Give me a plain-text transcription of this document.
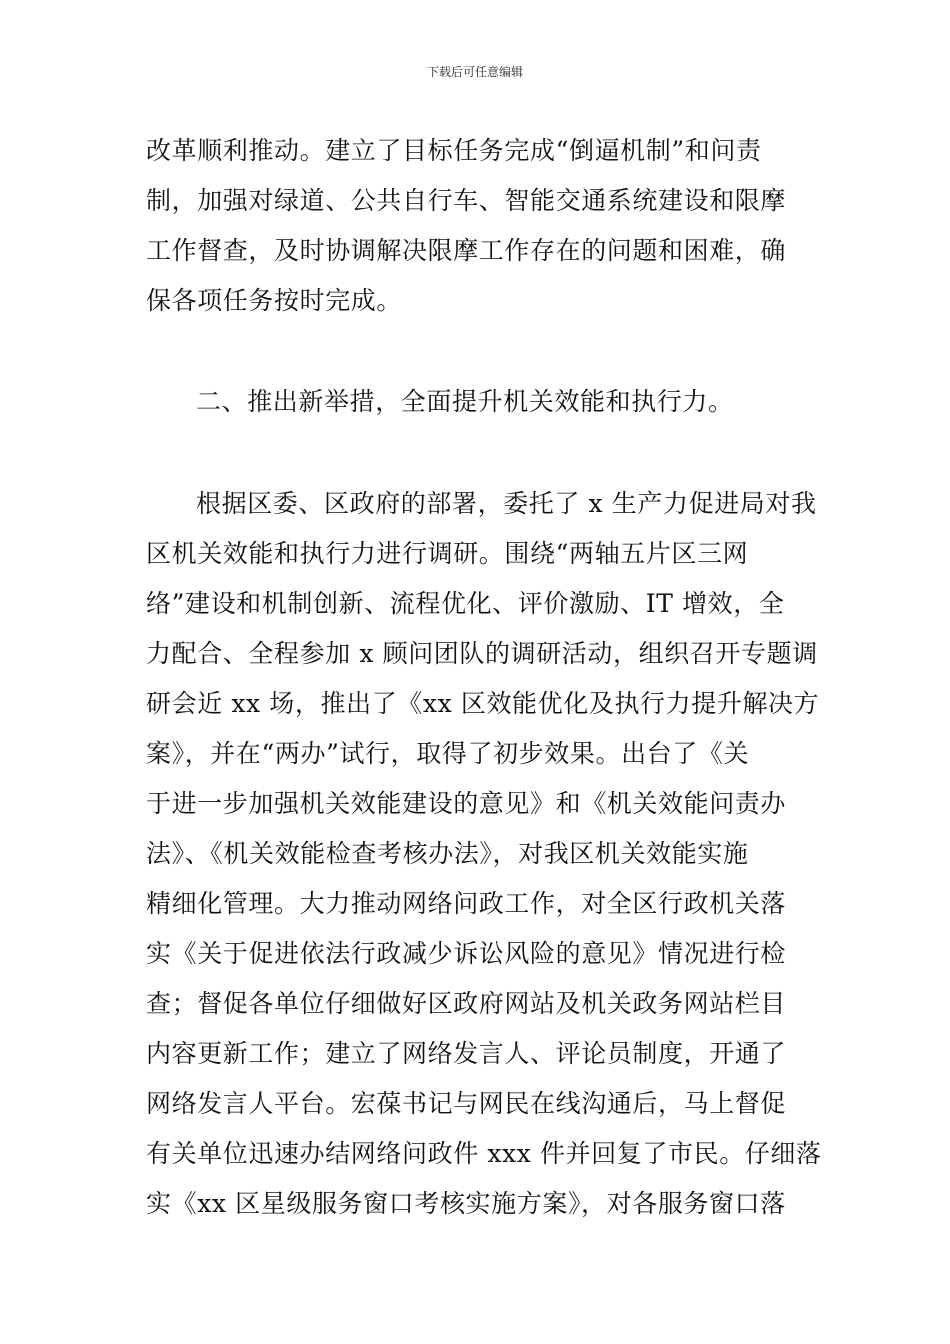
下载后可任意编辑
改革顺利推动。建立了目标任务完成“倒逼机制”和问责
制，加强对绿道、公共自行车、智能交通系统建设和限摩
工作督查，及时协调解决限摩工作存在的问题和困难，确
保各项任务按时完成。
二、推出新举措，全面提升机关效能和执行力。
根据区委、区政府的部署，委托了 x 生产力促进局对我
区机关效能和执行力进行调研。围绕“两轴五片区三网
络”建设和机制创新、流程优化、评价激励、IT 增效，全
力配合、全程参加 x 顾问团队的调研活动，组织召开专题调
研会近 xx 场，推出了《xx 区效能优化及执行力提升解决方
案》，并在“两办”试行，取得了初步效果。出台了《关
于进一步加强机关效能建设的意见》和《机关效能问责办
法》、《机关效能检查考核办法》，对我区机关效能实施
精细化管理。大力推动网络问政工作，对全区行政机关落
实《关于促进依法行政减少诉讼风险的意见》情况进行检
查；督促各单位仔细做好区政府网站及机关政务网站栏目
内容更新工作；建立了网络发言人、评论员制度，开通了
网络发言人平台。宏葆书记与网民在线沟通后，马上督促
有关单位迅速办结网络问政件 xxx 件并回复了市民。仔细落
实《xx 区星级服务窗口考核实施方案》，对各服务窗口落
